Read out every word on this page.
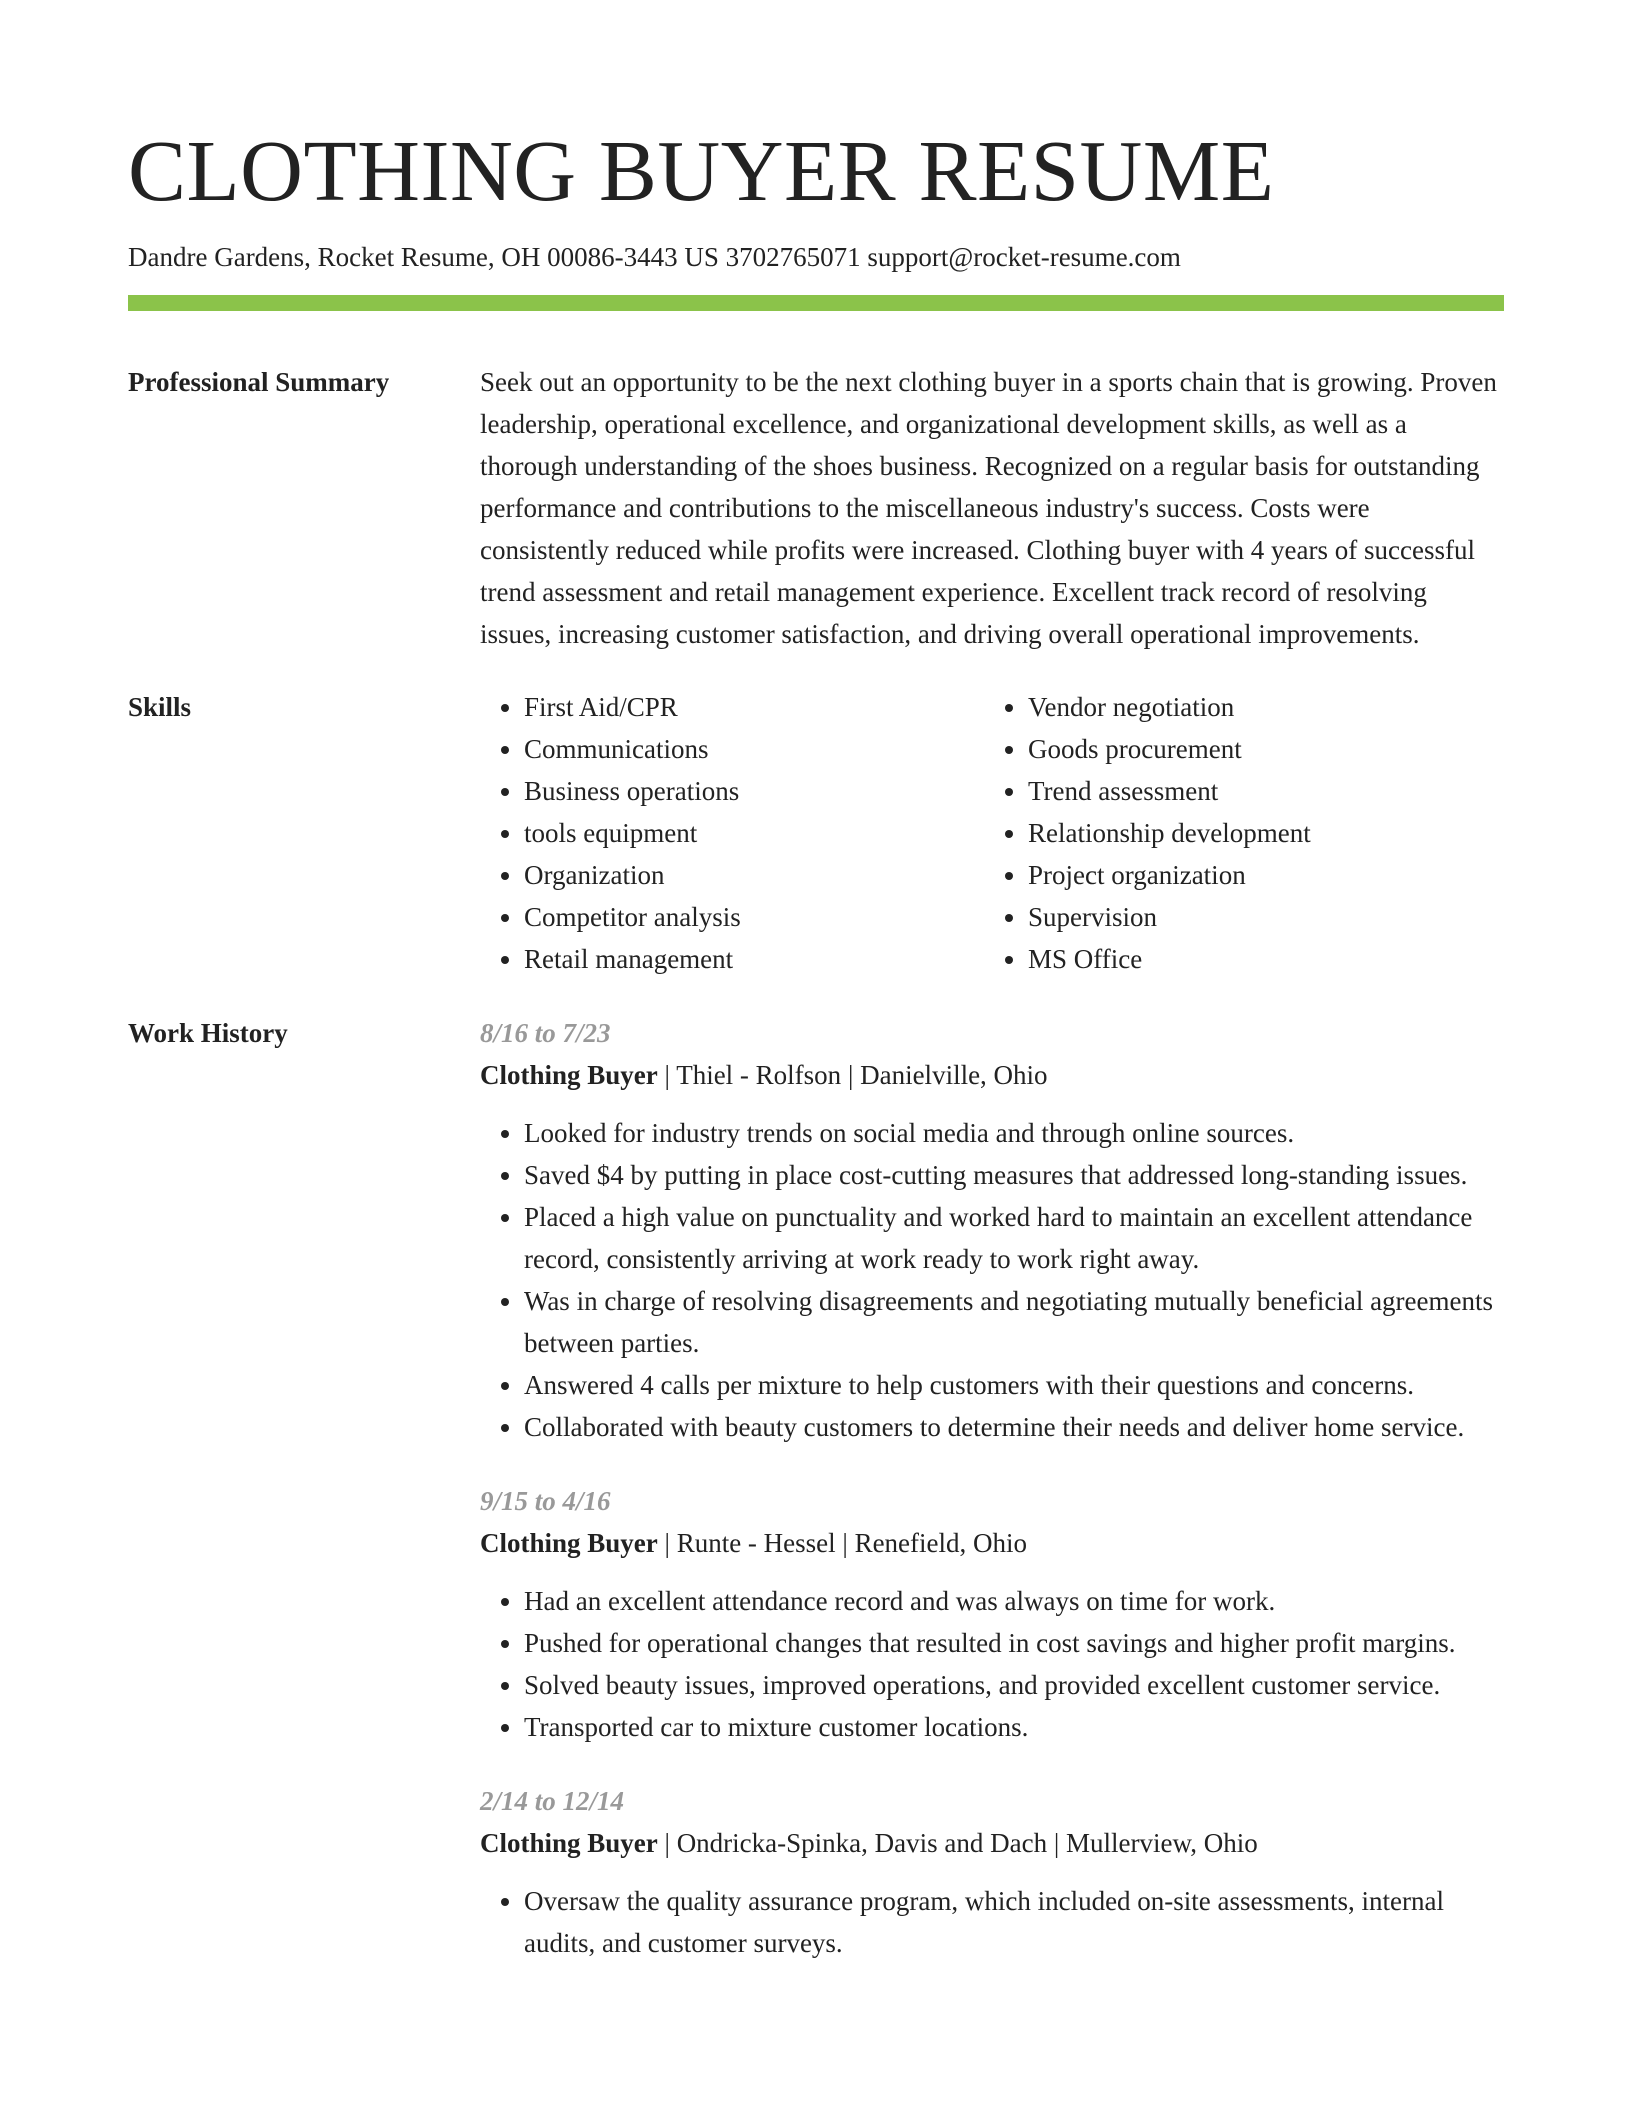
CLOTHING BUYER RESUME
Dandre Gardens, Rocket Resume, OH 00086-3443 US 3702765071 support@rocket-resume.com
Professional Summary	Seek out an opportunity to be the next clothing buyer in a sports chain that is growing. Proven leadership, operational excellence, and organizational development skills, as well as a thorough understanding of the shoes business. Recognized on a regular basis for outstanding performance and contributions to the miscellaneous industry's success. Costs were consistently reduced while profits were increased. Clothing buyer with 4 years of successful trend assessment and retail management experience. Excellent track record of resolving issues, increasing customer satisfaction, and driving overall operational improvements.

Skills
•	First Aid/CPR
• Communications
• Business operations
• tools equipment
• Organization
• Competitor analysis
• Retail management
• Vendor negotiation
• Goods procurement
• Trend assessment
• Relationship development
• Project organization
• Supervision
• MS Office
Work History	8/16 to 7/23
Clothing Buyer | Thiel - Rolfson | Danielville, Ohio
• Looked for industry trends on social media and through online sources.
• Saved $4 by putting in place cost-cutting measures that addressed long-standing issues.
• Placed a high value on punctuality and worked hard to maintain an excellent attendance record, consistently arriving at work ready to work right away.
• Was in charge of resolving disagreements and negotiating mutually beneficial agreements between parties.
• Answered 4 calls per mixture to help customers with their questions and concerns.
• Collaborated with beauty customers to determine their needs and deliver home service.
9/15 to 4/16
Clothing Buyer | Runte - Hessel | Renefield, Ohio
• Had an excellent attendance record and was always on time for work.
• Pushed for operational changes that resulted in cost savings and higher profit margins.
• Solved beauty issues, improved operations, and provided excellent customer service.
• Transported car to mixture customer locations.
2/14 to 12/14
Clothing Buyer | Ondricka-Spinka, Davis and Dach | Mullerview, Ohio
• Oversaw the quality assurance program, which included on-site assessments, internal audits, and customer surveys.
